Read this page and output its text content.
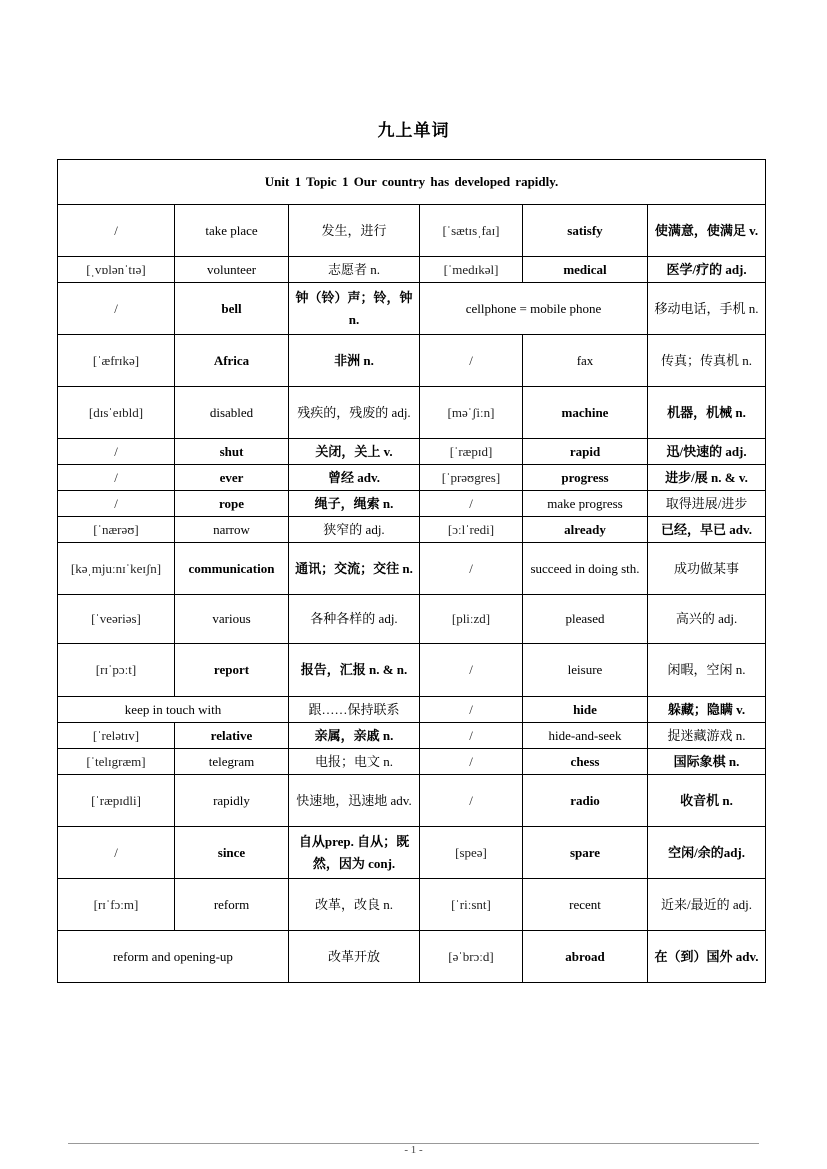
九上单词
Unit 1 Topic 1 Our country has developed rapidly.					
/	take place	发生，进行	[ˈsætɪsˌfaɪ]	satisfy	使满意，使满足 v.
[ˌvɒlənˈtɪə]	volunteer	志愿者 n.	[ˈmedɪkəl]	medical	医学/疗的 adj.
/	bell	钟（铃）声；铃，钟 n.	cellphone = mobile phone		移动电话，手机 n.
[ˈæfrɪkə]	Africa	非洲 n.	/	fax	传真；传真机 n.
[dɪsˈeɪbld]	disabled	残疾的，残废的 adj.	[məˈʃiːn]	machine	机器，机械 n.
/	shut	关闭，关上 v.	[ˈræpɪd]	rapid	迅/快速的 adj.
/	ever	曾经 adv.	[ˈprəʊgres]	progress	进步/展 n. & v.
/	rope	绳子，绳索 n.	/	make progress	取得进展/进步
[ˈnærəʊ]	narrow	狭窄的 adj.	[ɔːlˈredi]	already	已经，早已 adv.
[kəˌmjuːnɪˈkeɪʃn]	communication	通讯；交流；交往 n.	/	succeed in doing sth.	成功做某事
[ˈveəriəs]	various	各种各样的 adj.	[pliːzd]	pleased	高兴的 adj.
[rɪˈpɔːt]	report	报告，汇报 n. & n.	/	leisure	闲暇，空闲 n.
keep in touch with		跟……保持联系	/	hide	躲藏；隐瞒 v.
[ˈrelətɪv]	relative	亲属，亲戚 n.	/	hide-and-seek	捉迷藏游戏 n.
[ˈtelɪgræm]	telegram	电报；电文 n.	/	chess	国际象棋 n.
[ˈræpɪdli]	rapidly	快速地，迅速地 adv.	/	radio	收音机 n.
/	since	自从prep. 自从；既然，因为 conj.	[speə]	spare	空闲/余的adj.
[rɪˈfɔːm]	reform	改革，改良 n.	[ˈriːsnt]	recent	近来/最近的 adj.
reform and opening-up		改革开放	[əˈbrɔːd]	abroad	在（到）国外 adv.
- 1 -
